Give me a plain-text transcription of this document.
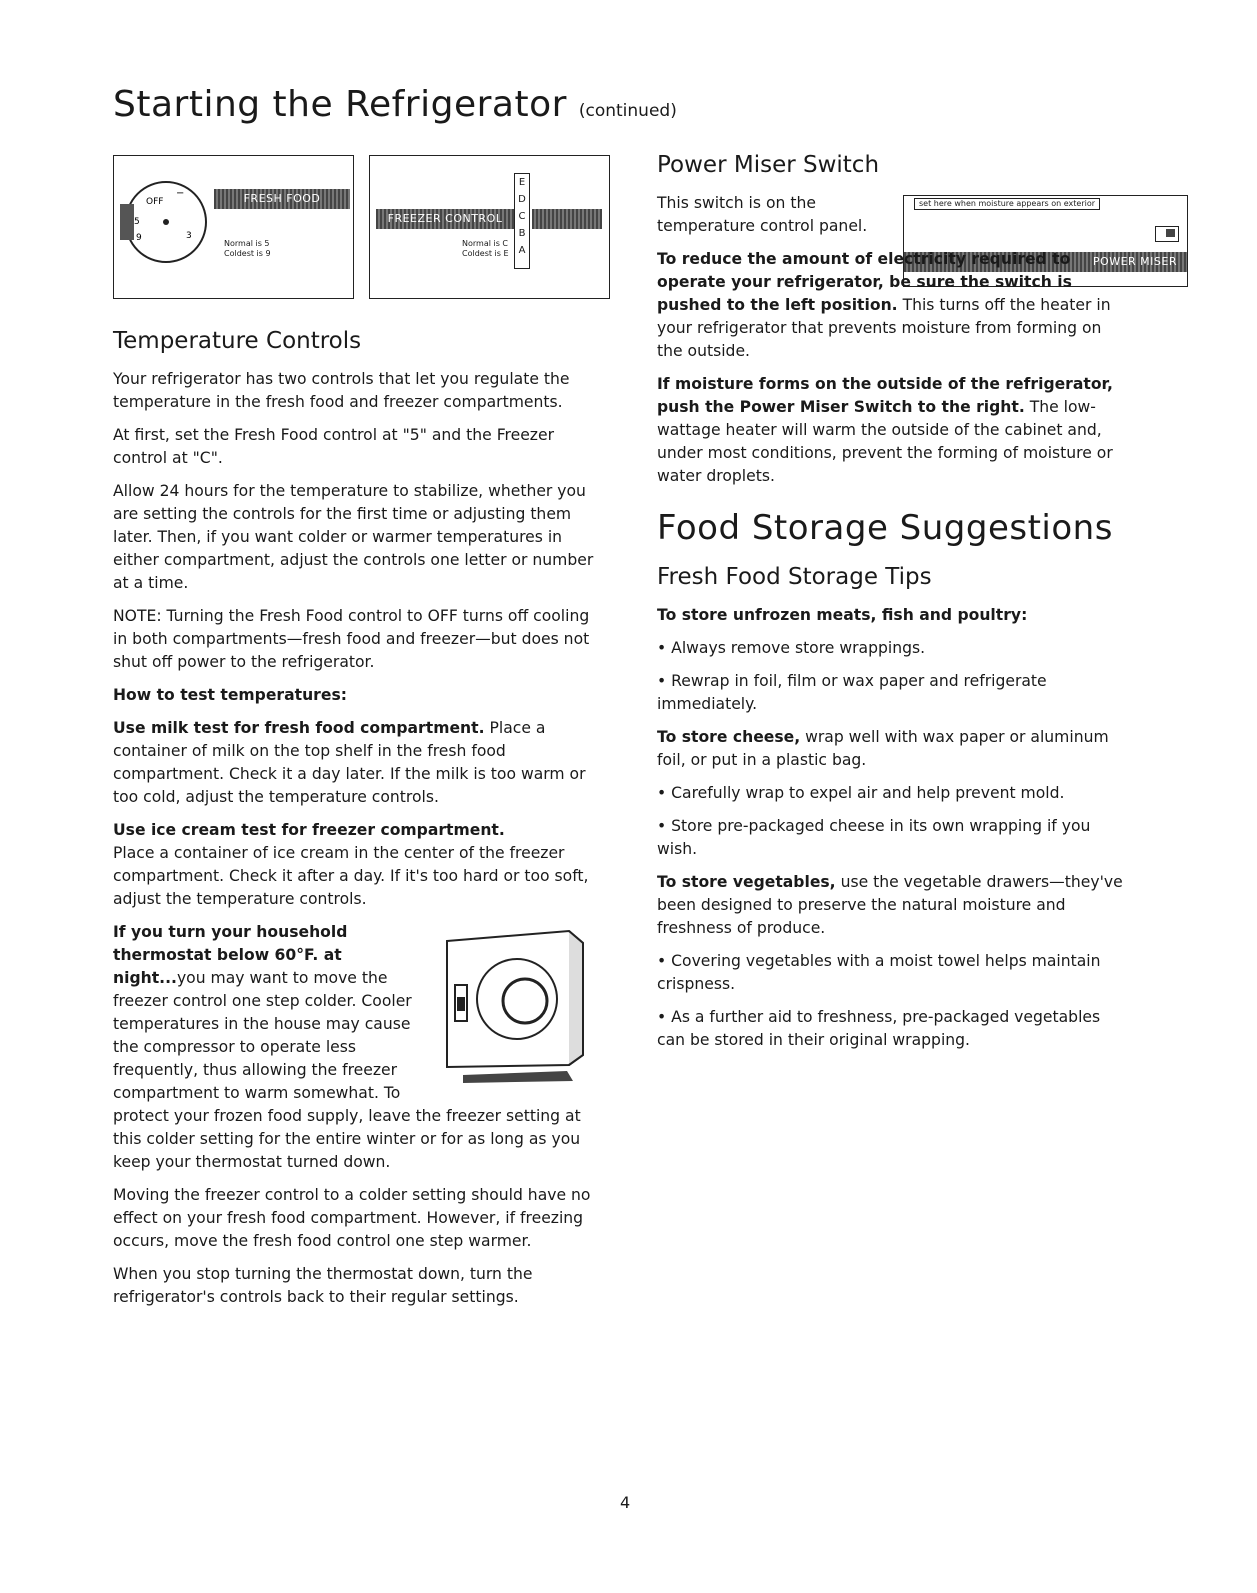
Starting the Refrigerator (continued)
−
OFF
5
9	3
FRESH FOOD CONTROL
Normal is 5
Coldest is 9
FREEZER CONTROL
E
D
C
B
A
Normal is C
Coldest is E
Temperature Controls

Your refrigerator has two controls that let you regulate the temperature in the fresh food and freezer compartments.

At first, set the Fresh Food control at "5" and the Freezer control at "C".

Allow 24 hours for the temperature to stabilize, whether you are setting the controls for the first time or adjusting them later. Then, if you want colder or warmer temperatures in either compartment, adjust the controls one letter or number at a time.

NOTE: Turning the Fresh Food control to OFF turns off cooling in both compartments—fresh food and freezer—but does not shut off power to the refrigerator.

How to test temperatures:

Use milk test for fresh food compartment. Place a container of milk on the top shelf in the fresh food compartment. Check it a day later. If the milk is too warm or too cold, adjust the temperature controls.

Use ice cream test for freezer compartment.
Place a container of ice cream in the center of the freezer compartment. Check it after a day. If it's too hard or too soft, adjust the temperature controls.

If you turn your household thermostat below 60°F. at night...you may want to move the freezer control one step colder. Cooler temperatures in the house may cause the compressor to operate less frequently, thus allowing the freezer compartment to warm somewhat. To protect your frozen food supply, leave the freezer setting at this colder setting for the entire winter or for as long as you keep your thermostat turned down.

Moving the freezer control to a colder setting should have no effect on your fresh food compartment. However, if freezing occurs, move the fresh food control one step warmer.

When you stop turning the thermostat down, turn the refrigerator's controls back to their regular settings.

set here when moisture appears on exterior
POWER MISER
Power Miser Switch

This switch is on the temperature control panel.

To reduce the amount of electricity required to operate your refrigerator, be sure the switch is pushed to the left position. This turns off the heater in your refrigerator that prevents moisture from forming on the outside.

If moisture forms on the outside of the refrigerator, push the Power Miser Switch to the right. The low-wattage heater will warm the outside of the cabinet and, under most conditions, prevent the forming of moisture or water droplets.

Food Storage Suggestions
Fresh Food Storage Tips

To store unfrozen meats, fish and poultry:

• Always remove store wrappings.

• Rewrap in foil, film or wax paper and refrigerate immediately.

To store cheese, wrap well with wax paper or aluminum foil, or put in a plastic bag.

• Carefully wrap to expel air and help prevent mold.

• Store pre-packaged cheese in its own wrapping if you wish.

To store vegetables, use the vegetable drawers—they've been designed to preserve the natural moisture and freshness of produce.

• Covering vegetables with a moist towel helps maintain crispness.

• As a further aid to freshness, pre-packaged vegetables can be stored in their original wrapping.

4
